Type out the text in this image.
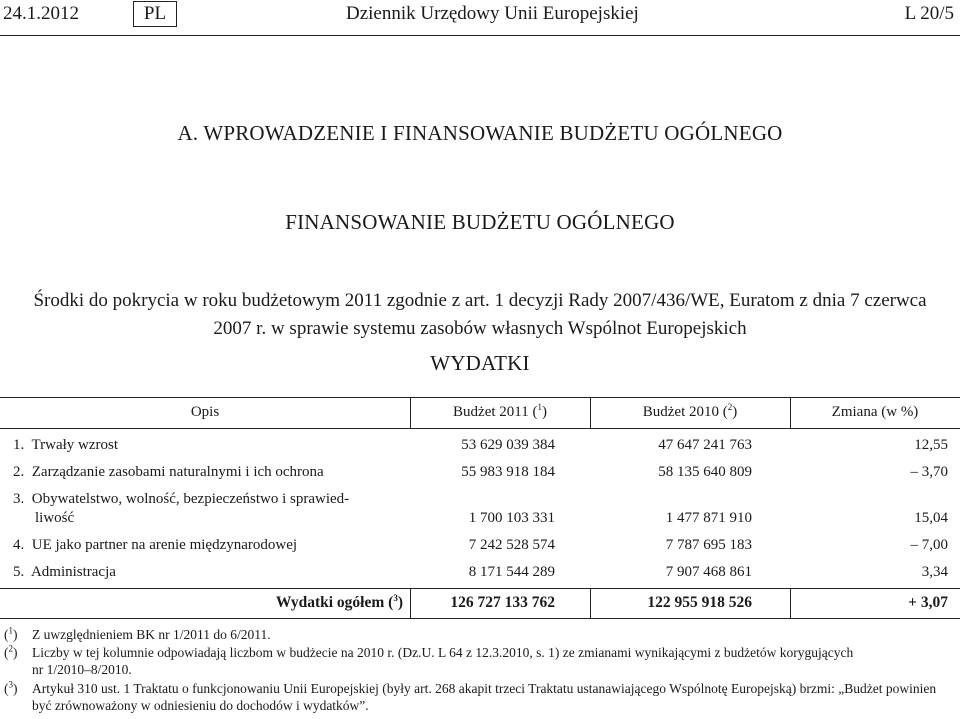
24.1.2012	PL	Dziennik Urzędowy Unii Europejskiej	L 20/5
A. WPROWADZENIE I FINANSOWANIE BUDŻETU OGÓLNEGO
FINANSOWANIE BUDŻETU OGÓLNEGO
Środki do pokrycia w roku budżetowym 2011 zgodnie z art. 1 decyzji Rady 2007/436/WE, Euratom z dnia 7 czerwca
2007 r. w sprawie systemu zasobów własnych Wspólnot Europejskich
WYDATKI
Opis	Budżet 2011 ($^1$)	Budżet 2010 ($^2$)	Zmiana (w %)
1. Trwały wzrost	53 629 039 384	47 647 241 763	12,55
2. Zarządzanie zasobami naturalnymi i ich ochrona	55 983 918 184	58 135 640 809	– 3,70
3. Obywatelstwo, wolność, bezpieczeństwo i sprawied-
liwość	1 700 103 331	1 477 871 910	15,04
4. UE jako partner na arenie międzynarodowej	7 242 528 574	7 787 695 183	– 7,00
5. Administracja	8 171 544 289	7 907 468 861	3,34
Wydatki ogółem ($^3$)	126 727 133 762	122 955 918 526	+ 3,07
($^1$) Z uwzględnieniem BK nr 1/2011 do 6/2011.
($^2$) Liczby w tej kolumnie odpowiadają liczbom w budżecie na 2010 r. (Dz.U. L 64 z 12.3.2010, s. 1) ze zmianami wynikającymi z budżetów korygujących
nr 1/2010–8/2010.
($^3$) Artykuł 310 ust. 1 Traktatu o funkcjonowaniu Unii Europejskiej (były art. 268 akapit trzeci Traktatu ustanawiającego Wspólnotę Europejską) brzmi: „Budżet powinien
być zrównoważony w odniesieniu do dochodów i wydatków”.
